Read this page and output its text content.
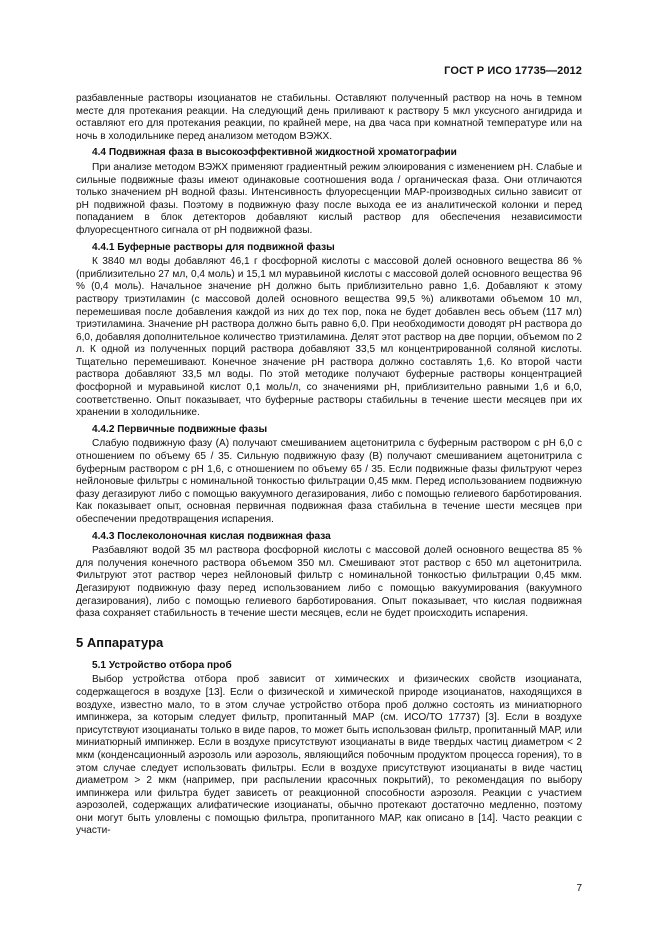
ГОСТ Р ИСО 17735—2012

разбавленные растворы изоцианатов не стабильны. Оставляют полученный раствор на ночь в темном месте для протекания реакции. На следующий день приливают к раствору 5 мкл уксусного ангидрида и оставляют его для протекания реакции, по крайней мере, на два часа при комнатной температуре или на ночь в холодильнике перед анализом методом ВЭЖХ.

4.4 Подвижная фаза в высокоэффективной жидкостной хроматографии

При анализе методом ВЭЖХ применяют градиентный режим элюирования с изменением pH. Слабые и сильные подвижные фазы имеют одинаковые соотношения вода / органическая фаза. Они отличаются только значением pH водной фазы. Интенсивность флуоресценции МАР-производных сильно зависит от pH подвижной фазы. Поэтому в подвижную фазу после выхода ее из аналитической колонки и перед попаданием в блок детекторов добавляют кислый раствор для обеспечения независимости флуоресцентного сигнала от pH подвижной фазы.

4.4.1 Буферные растворы для подвижной фазы

К 3840 мл воды добавляют 46,1 г фосфорной кислоты с массовой долей основного вещества 86 % (приблизительно 27 мл, 0,4 моль) и 15,1 мл муравьиной кислоты с массовой долей основного вещества 96 % (0,4 моль). Начальное значение pH должно быть приблизительно равно 1,6. Добавляют к этому раствору триэтиламин (с массовой долей основного вещества 99,5 %) аликвотами объемом 10 мл, перемешивая после добавления каждой из них до тех пор, пока не будет добавлен весь объем (117 мл) триэтиламина. Значение pH раствора должно быть равно 6,0. При необходимости доводят pH раствора до 6,0, добавляя дополнительное количество триэтиламина. Делят этот раствор на две порции, объемом по 2 л. К одной из полученных порций раствора добавляют 33,5 мл концентрированной соляной кислоты. Тщательно перемешивают. Конечное значение pH раствора должно составлять 1,6. Ко второй части раствора добавляют 33,5 мл воды. По этой методике получают буферные растворы концентрацией фосфорной и муравьиной кислот 0,1 моль/л, со значениями pH, приблизительно равными 1,6 и 6,0, соответственно. Опыт показывает, что буферные растворы стабильны в течение шести месяцев при их хранении в холодильнике.

4.4.2 Первичные подвижные фазы

Слабую подвижную фазу (А) получают смешиванием ацетонитрила с буферным раствором с pH 6,0 с отношением по объему 65 / 35. Сильную подвижную фазу (В) получают смешиванием ацетонитрила с буферным раствором с pH 1,6, с отношением по объему 65 / 35. Если подвижные фазы фильтруют через нейлоновые фильтры с номинальной тонкостью фильтрации 0,45 мкм. Перед использованием подвижную фазу дегазируют либо с помощью вакуумного дегазирования, либо с помощью гелиевого барботирования. Как показывает опыт, основная первичная подвижная фаза стабильна в течение шести месяцев при обеспечении предотвращения испарения.

4.4.3 Послеколоночная кислая подвижная фаза

Разбавляют водой 35 мл раствора фосфорной кислоты с массовой долей основного вещества 85 % для получения конечного раствора объемом 350 мл. Смешивают этот раствор с 650 мл ацетонитрила. Фильтруют этот раствор через нейлоновый фильтр с номинальной тонкостью фильтрации 0,45 мкм. Дегазируют подвижную фазу перед использованием либо с помощью вакуумирования (вакуумного дегазирования), либо с помощью гелиевого барботирования. Опыт показывает, что кислая подвижная фаза сохраняет стабильность в течение шести месяцев, если не будет происходить испарения.

5 Аппаратура
5.1 Устройство отбора проб

Выбор устройства отбора проб зависит от химических и физических свойств изоцианата, содержащегося в воздухе [13]. Если о физической и химической природе изоцианатов, находящихся в воздухе, известно мало, то в этом случае устройство отбора проб должно состоять из миниатюрного импинжера, за которым следует фильтр, пропитанный МАР (см. ИСО/ТО 17737) [3]. Если в воздухе присутствуют изоцианаты только в виде паров, то может быть использован фильтр, пропитанный МАР, или миниатюрный импинжер. Если в воздухе присутствуют изоцианаты в виде твердых частиц диаметром < 2 мкм (конденсационный аэрозоль или аэрозоль, являющийся побочным продуктом процесса горения), то в этом случае следует использовать фильтры. Если в воздухе присутствуют изоцианаты в виде частиц диаметром > 2 мкм (например, при распылении красочных покрытий), то рекомендация по выбору импинжера или фильтра будет зависеть от реакционной способности аэрозоля. Реакции с участием аэрозолей, содержащих алифатические изоцианаты, обычно протекают достаточно медленно, поэтому они могут быть уловлены с помощью фильтра, пропитанного МАР, как описано в [14]. Часто реакции с участи-

7
